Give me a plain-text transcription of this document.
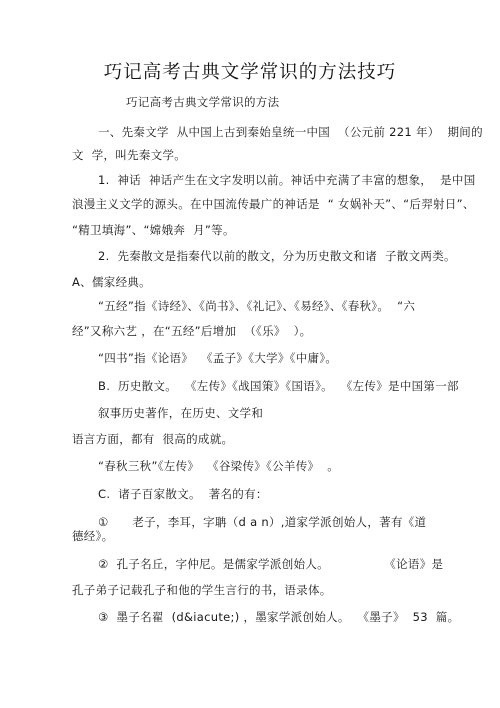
巧记高考古典文学常识的方法技巧
巧记高考古典文学常识的方法
一、先秦文学  从中国上古到秦始皇统一中国  （公元前 221 年）  期间的
文  学，叫先秦文学。
1.  神话  神话产生在文字发明以前。神话中充满了丰富的想象，  是中国
浪漫主义文学的源头。在中国流传最广的神话是  “ 女娲补天”、“后羿射日”、
“精卫填海”、“嫦娥奔  月”等。
2.  先秦散文是指秦代以前的散文，分为历史散文和诸  子散文两类。
A、儒家经典。
“五经”指《诗经》、《尚书》、《礼记》、《易经》、《春秋》。  “六
经”又称六艺 ，在“五经”后增加  （《乐》  ）。
“四书”指《论语》  《孟子》《大学》《中庸》。
B.  历史散文。  《左传》《战国策》《国语》。  《左传》是中国第一部
叙事历史著作，在历史、文学和
语言方面，都有  很高的成就。
“春秋三秋”《左传》  《谷梁传》《公羊传》  。
C.  诸子百家散文。  著名的有：
①      老子，李耳，字聃（d a n）,道家学派创始人，著有《道
德经》。
②  孔子名丘，字仲尼。是儒家学派创始人。              《论语》是
孔子弟子记载孔子和他的学生言行的书，语录体。
③  墨子名翟  (d&iacute;) ，墨家学派创始人。  《墨子》  53  篇。
